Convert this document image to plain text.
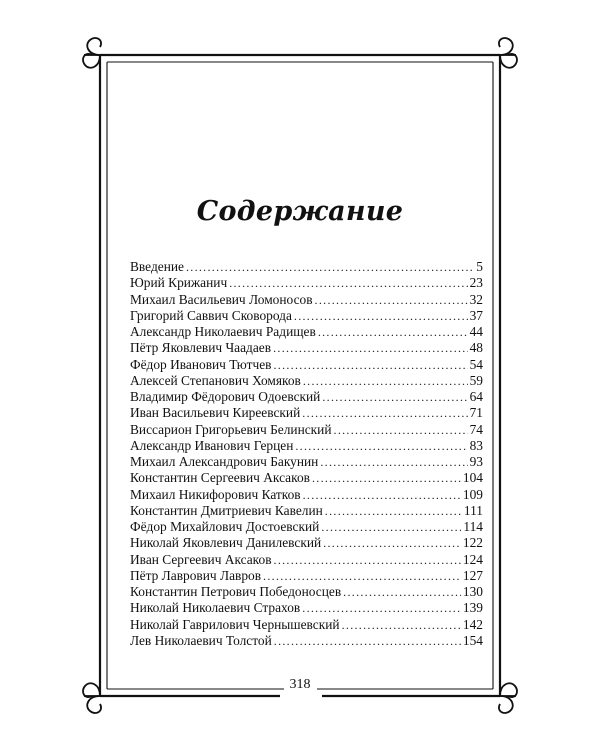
Содержание
Введение .....	5
Юрий Крижанич .....	23
Михаил Васильевич Ломоносов .....	32
Григорий Саввич Сковорода .....	37
Александр Николаевич Радищев .....	44
Пётр Яковлевич Чаадаев .....	48
Фёдор Иванович Тютчев .....	54
Алексей Степанович Хомяков .....	59
Владимир Фёдорович Одоевский .....	64
Иван Васильевич Киреевский .....	71
Виссарион Григорьевич Белинский .....	74
Александр Иванович Герцен .....	83
Михаил Александрович Бакунин .....	93
Константин Сергеевич Аксаков .....	104
Михаил Никифорович Катков .....	109
Константин Дмитриевич Кавелин .....	111
Фёдор Михайлович Достоевский .....	114
Николай Яковлевич Данилевский .....	122
Иван Сергеевич Аксаков .....	124
Пётр Лаврович Лавров .....	127
Константин Петрович Победоносцев .....	130
Николай Николаевич Страхов .....	139
Николай Гаврилович Чернышевский .....	142
Лев Николаевич Толстой .....	154
318
